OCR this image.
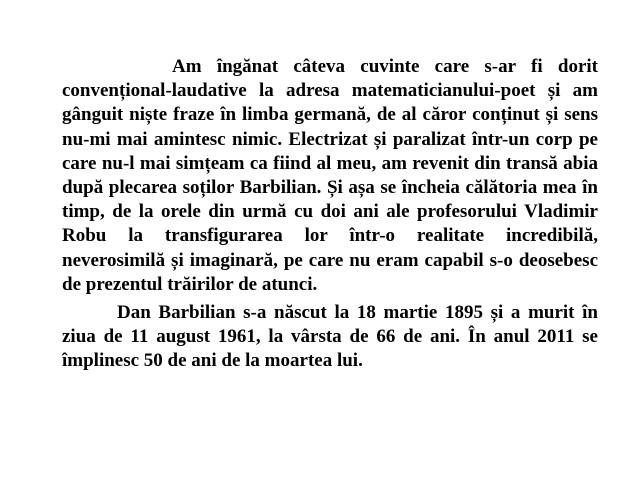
Am îngănat câteva cuvinte care s-ar fi dorit convențional-laudative la adresa matematicianului-poet și am gânguit niște fraze în limba germană, de al căror conținut și sens nu-mi mai amintesc nimic. Electrizat și paralizat într-un corp pe care nu-l mai simțeam ca fiind al meu, am revenit din transă abia după plecarea soților Barbilian. Și așa se încheia călătoria mea în timp, de la orele din urmă cu doi ani ale profesorului Vladimir Robu la transfigurarea lor într-o realitate incredibilă, neverosimilă și imaginară, pe care nu eram capabil s-o deosebesc de prezentul trăirilor de atunci.

Dan Barbilian s-a născut la 18 martie 1895 și a murit în ziua de 11 august 1961, la vârsta de 66 de ani. În anul 2011 se împlinesc 50 de ani de la moartea lui.
